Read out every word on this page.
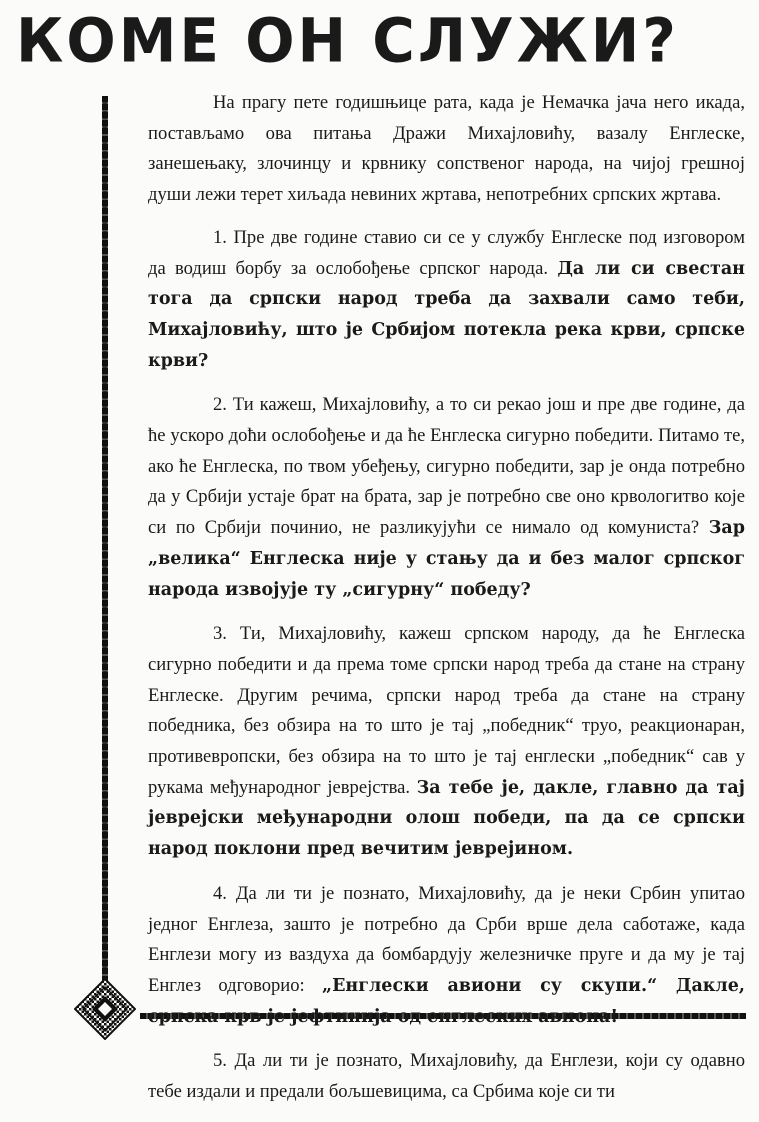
КОМЕ ОН СЛУЖИ?

На прагу пете годишњице рата, када је Немачка јача него икада, постављамо ова питања Дражи Михајловићу, вазалу Енглеске, занешењаку, злочинцу и крвнику сопственог народа, на чијој грешној души лежи терет хиљада невиних жртава, непотребних српских жртава.

1. Пре две године ставио си се у службу Енглеске под изговором да водиш борбу за ослобођење српског народа. Да ли си свестан тога да српски народ треба да захвали само теби, Михајловићу, што је Србијом потекла река крви, српске крви?

2. Ти кажеш, Михајловићу, а то си рекао још и пре две године, да ће ускоро доћи ослобођење и да ће Енглеска сигурно победити. Питамо те, ако ће Енглеска, по твом убеђењу, сигурно победити, зар је онда потребно да у Србији устаје брат на брата, зар је потребно све оно крвологитво које си по Србији починио, не разликујући се нимало од комуниста? Зар „велика“ Енглеска није у стању да и без малог српског народа извојује ту „сигурну“ победу?

3. Ти, Михајловићу, кажеш српском народу, да ће Енглеска сигурно победити и да према томе српски народ треба да стане на страну Енглеске. Другим речима, српски народ треба да стане на страну победника, без обзира на то што је тај „победник“ труо, реакционаран, противевропски, без обзира на то што је тај енглески „победник“ сав у рукама међународног јеврејства. За тебе је, дакле, главно да тај јеврејски међународни олош победи, па да се српски народ поклони пред вечитим јеврејином.

4. Да ли ти је познато, Михајловићу, да је неки Србин упитао једног Енглеза, зашто је потребно да Срби врше дела саботаже, када Енглези могу из ваздуха да бомбардују железничке пруге и да му је тај Енглез одговорио: „Енглески авиони су скупи.“ Дакле, српска крв је јефтинија од енглеских авиона!

5. Да ли ти је познато, Михајловићу, да Енглези, који су одавно тебе издали и предали бољшевицима, са Србима које си ти
